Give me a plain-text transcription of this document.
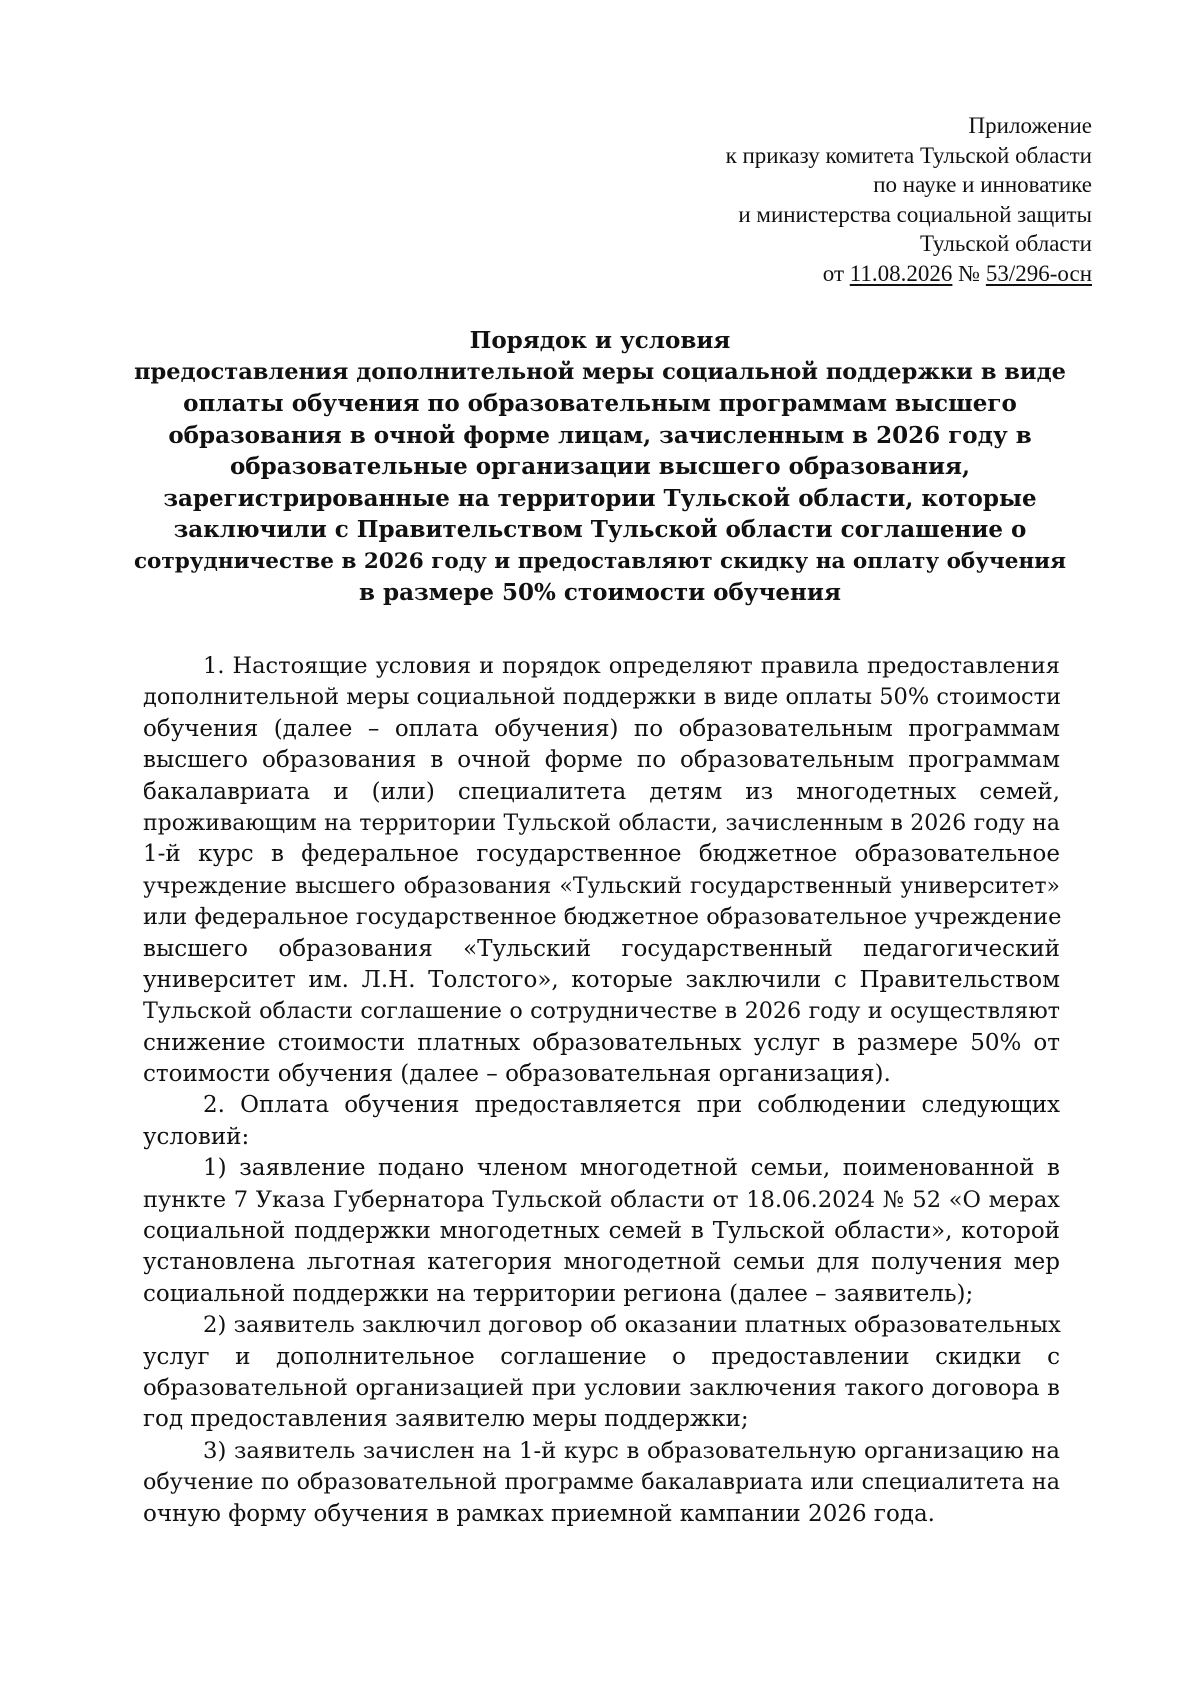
Приложение
к приказу комитета Тульской области
по науке и инноватике
и министерства социальной защиты
Тульской области
от 11.08.2026 № 53/296-осн
Порядок и условия
предоставления дополнительной меры социальной поддержки в виде
оплаты обучения по образовательным программам высшего
образования в очной форме лицам, зачисленным в 2026 году в
образовательные организации высшего образования,
зарегистрированные на территории Тульской области, которые
заключили с Правительством Тульской области соглашение о
сотрудничестве в 2026 году и предоставляют скидку на оплату обучения
в размере 50% стоимости обучения
1. Настоящие условия и порядок определяют правила предоставления
дополнительной меры социальной поддержки в виде оплаты 50% стоимости
обучения (далее – оплата обучения) по образовательным программам
высшего образования в очной форме по образовательным программам
бакалавриата и (или) специалитета детям из многодетных семей,
проживающим на территории Тульской области, зачисленным в 2026 году на
1-й курс в федеральное государственное бюджетное образовательное
учреждение высшего образования «Тульский государственный университет»
или федеральное государственное бюджетное образовательное учреждение
высшего образования «Тульский государственный педагогический
университет им. Л.Н. Толстого», которые заключили с Правительством
Тульской области соглашение о сотрудничестве в 2026 году и осуществляют
снижение стоимости платных образовательных услуг в размере 50% от
стоимости обучения (далее – образовательная организация).
2. Оплата обучения предоставляется при соблюдении следующих
условий:
1) заявление подано членом многодетной семьи, поименованной в
пункте 7 Указа Губернатора Тульской области от 18.06.2024 № 52 «О мерах
социальной поддержки многодетных семей в Тульской области», которой
установлена льготная категория многодетной семьи для получения мер
социальной поддержки на территории региона (далее – заявитель);
2) заявитель заключил договор об оказании платных образовательных
услуг и дополнительное соглашение о предоставлении скидки с
образовательной организацией при условии заключения такого договора в
год предоставления заявителю меры поддержки;
3) заявитель зачислен на 1-й курс в образовательную организацию на
обучение по образовательной программе бакалавриата или специалитета на
очную форму обучения в рамках приемной кампании 2026 года.
